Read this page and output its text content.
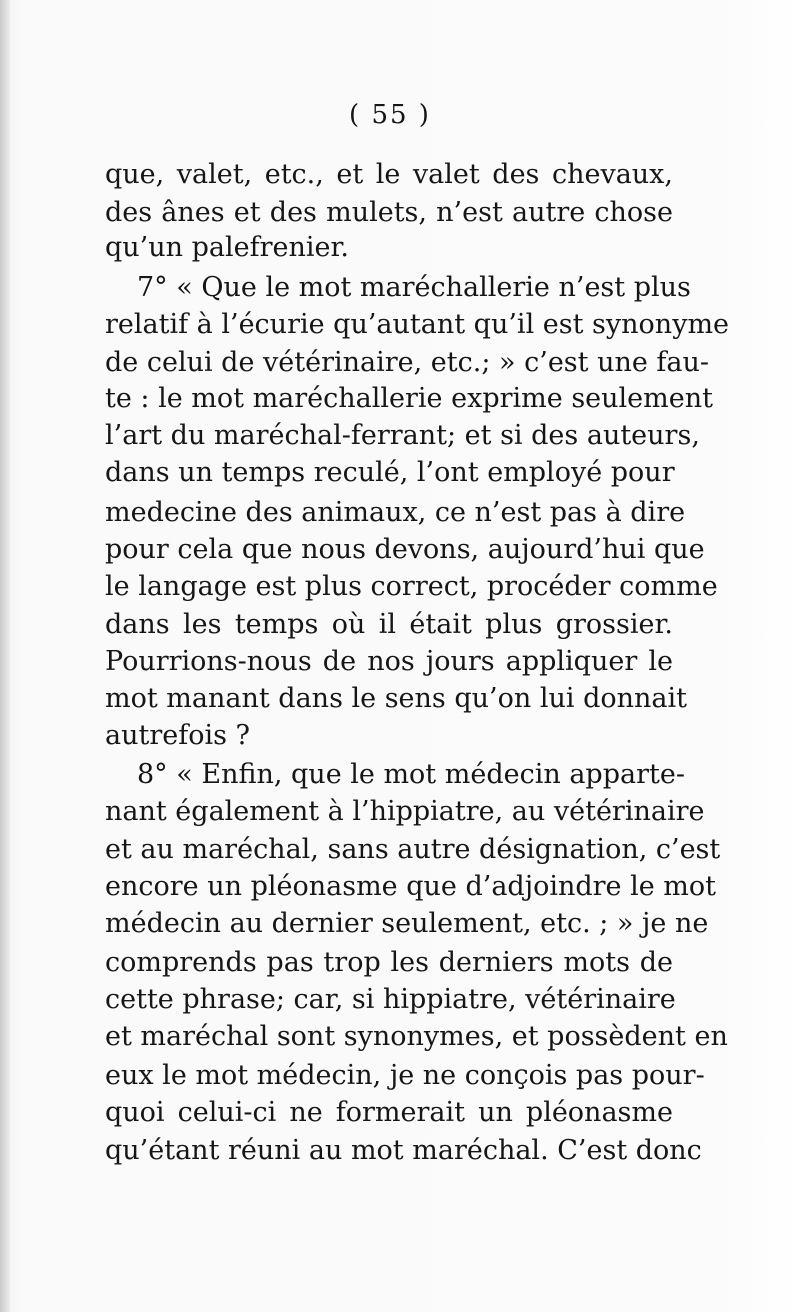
( 55 )
que, valet, etc., et le valet des chevaux,
des ânes et des mulets, n’est autre chose
qu’un palefrenier.
7° « Que le mot maréchallerie n’est plus
relatif à l’écurie qu’autant qu’il est synonyme
de celui de vétérinaire, etc.; » c’est une fau-
te : le mot maréchallerie exprime seulement
l’art du maréchal-ferrant; et si des auteurs,
dans un temps reculé, l’ont employé pour
medecine des animaux, ce n’est pas à dire
pour cela que nous devons, aujourd’hui que
le langage est plus correct, procéder comme
dans les temps où il était plus grossier.
Pourrions-nous de nos jours appliquer le
mot manant dans le sens qu’on lui donnait
autrefois ?
8° « Enfin, que le mot médecin apparte-
nant également à l’hippiatre, au vétérinaire
et au maréchal, sans autre désignation, c’est
encore un pléonasme que d’adjoindre le mot
médecin au dernier seulement, etc. ; » je ne
comprends pas trop les derniers mots de
cette phrase; car, si hippiatre, vétérinaire
et maréchal sont synonymes, et possèdent en
eux le mot médecin, je ne conçois pas pour-
quoi celui-ci ne formerait un pléonasme
qu’étant réuni au mot maréchal. C’est donc
